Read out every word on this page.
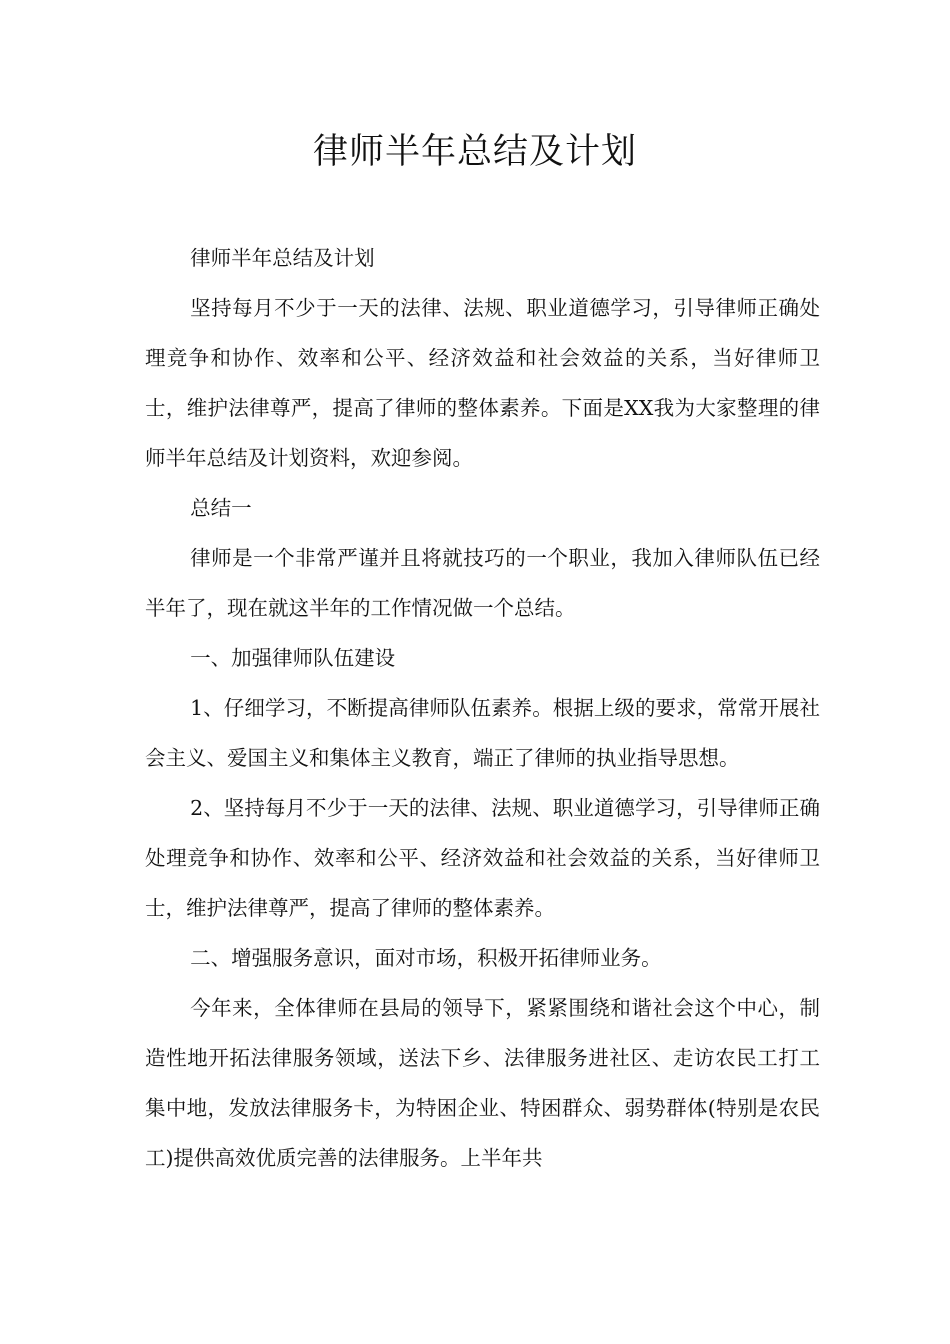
律师半年总结及计划

律师半年总结及计划

坚持每月不少于一天的法律、法规、职业道德学习，引导律师正确处理竞争和协作、效率和公平、经济效益和社会效益的关系，当好律师卫士，维护法律尊严，提高了律师的整体素养。下面是XX我为大家整理的律师半年总结及计划资料，欢迎参阅。

总结一

律师是一个非常严谨并且将就技巧的一个职业，我加入律师队伍已经半年了，现在就这半年的工作情况做一个总结。

一、加强律师队伍建设

1、仔细学习，不断提高律师队伍素养。根据上级的要求，常常开展社会主义、爱国主义和集体主义教育，端正了律师的执业指导思想。

2、坚持每月不少于一天的法律、法规、职业道德学习，引导律师正确处理竞争和协作、效率和公平、经济效益和社会效益的关系，当好律师卫士，维护法律尊严，提高了律师的整体素养。

二、增强服务意识，面对市场，积极开拓律师业务。

今年来，全体律师在县局的领导下，紧紧围绕和谐社会这个中心，制造性地开拓法律服务领域，送法下乡、法律服务进社区、走访农民工打工集中地，发放法律服务卡，为特困企业、特困群众、弱势群体(特别是农民工)提供高效优质完善的法律服务。上半年共
